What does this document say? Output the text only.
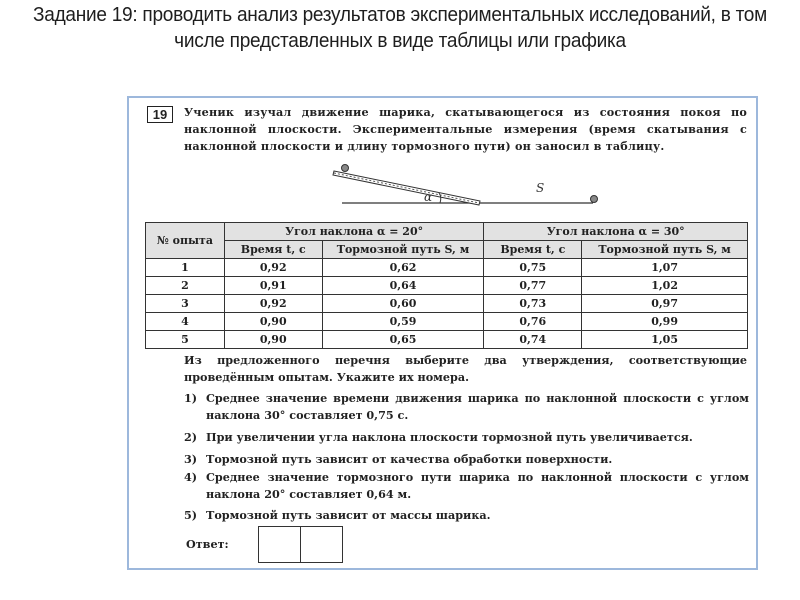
Задание 19: проводить анализ результатов экспериментальных исследований, в том числе представленных в виде таблицы или графика
19	Ученик изучал движение шарика, скатывающегося из состояния покоя по
наклонной плоскости. Экспериментальные измерения (время скатывания с
наклонной плоскости и длину тормозного пути) он заносил в таблицу.
α
S
№ опыта	Угол наклона α = 20°		Угол наклона α = 30°	
	Время t, с	Тормозной путь S, м	Время t, с	Тормозной путь S, м
1	0,92	0,62	0,75	1,07
2	0,91	0,64	0,77	1,02
3	0,92	0,60	0,73	0,97
4	0,90	0,59	0,76	0,99
5	0,90	0,65	0,74	1,05
Из предложенного перечня выберите два утверждения, соответствующие проведённым опытам. Укажите их номера.
1) Среднее значение времени движения шарика по наклонной плоскости с углом наклона 30° составляет 0,75 с.
2) При увеличении угла наклона плоскости тормозной путь увеличивается.
3) Тормозной путь зависит от качества обработки поверхности.
4) Среднее значение тормозного пути шарика по наклонной плоскости с углом наклона 20° составляет 0,64 м.
5) Тормозной путь зависит от массы шарика.
Ответ:
